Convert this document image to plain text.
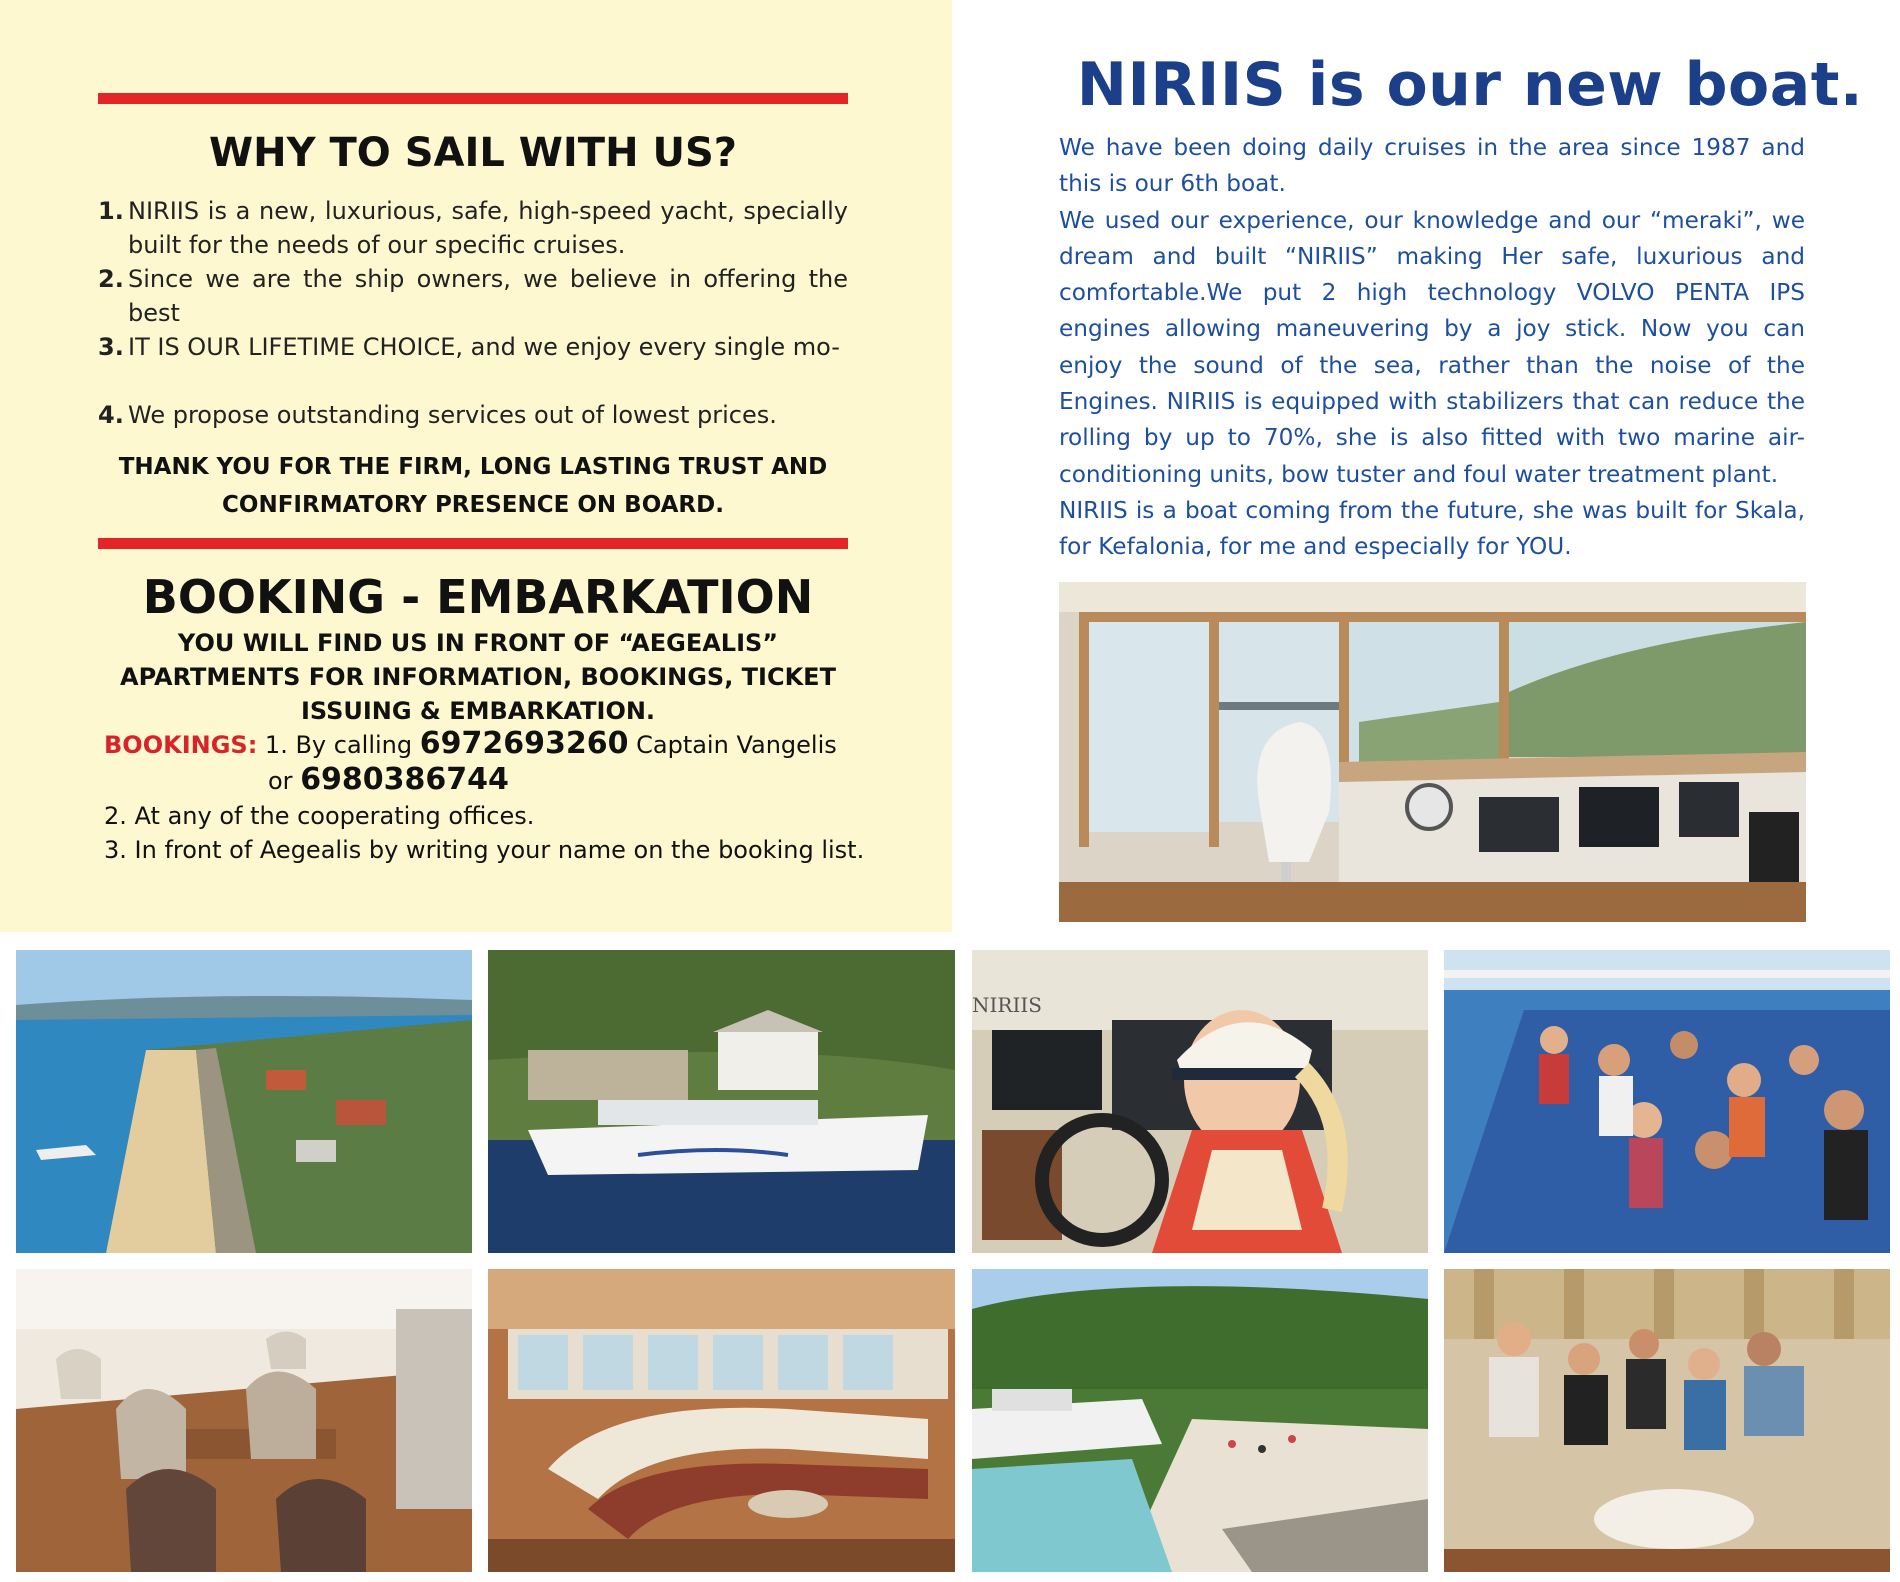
WHY TO SAIL WITH US?
1. NIRIIS is a new, luxurious, safe, high-speed yacht, specially built for the needs of our specific cruises.
2. Since we are the ship owners, we believe in offering the best
3. IT IS OUR LIFETIME CHOICE, and we enjoy every single mo-
4. We propose outstanding services out of lowest prices.
THANK YOU FOR THE FIRM, LONG LASTING TRUST AND CONFIRMATORY PRESENCE ON BOARD.
BOOKING - EMBARKATION
YOU WILL FIND US IN FRONT OF “AEGEALIS” APARTMENTS FOR INFORMATION, BOOKINGS, TICKET ISSUING & EMBARKATION.
BOOKINGS: 1. By calling 6972693260 Captain Vangelis
or 6980386744
2. At any of the cooperating offices.
3. In front of Aegealis by writing your name on the booking list.
NIRIIS is our new boat.

We have been doing daily cruises in the area since 1987 and this is our 6th boat.

We used our experience, our knowledge and our “meraki”, we dream and built “NIRIIS” making Her safe, luxurious and comfortable.We put 2 high technology VOLVO PENTA IPS engines allowing maneuvering by a joy stick. Now you can enjoy the sound of the sea, rather than the noise of the Engines. NIRIIS is equipped with stabilizers that can reduce the rolling by up to 70%, she is also fitted with two marine air-conditioning units, bow tuster and foul water treatment plant.

NIRIIS is a boat coming from the future, she was built for Skala, for Kefalonia, for me and especially for YOU.

NIRIIS
